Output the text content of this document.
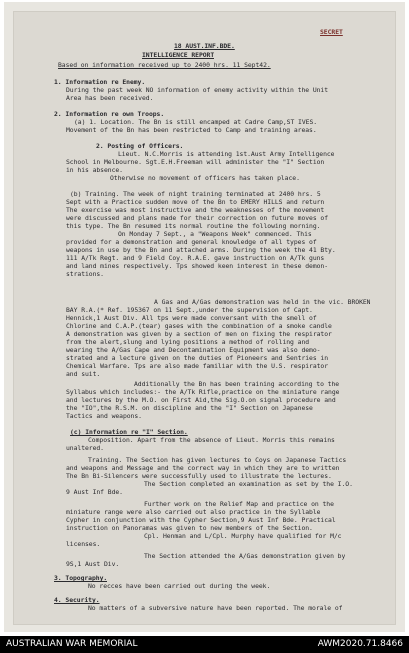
SECRET
18 AUST.INF.BDE.
INTELLIGENCE REPORT
Based on information received up to 2400 hrs. 11 Sept42.
1. Information re Enemy.
During the past week NO information of enemy activity within the Unit
Area has been received.
2. Information re own Troops.
(a) 1. Location. The Bn is still encamped at Cadre Camp,ST IVES.
Movement of the Bn has been restricted to Camp and training areas.
2. Posting of Officers.
Lieut. N.C.Morris is attending 1st.Aust Army Intelligence
School in Melbourne. Sgt.E.H.Freeman will administer the "I" Section
in his absence.
Otherwise no movement of officers has taken place.
(b) Training. The week of night training terminated at 2400 hrs. 5
Sept with a Practice sudden move of the Bn to EMERY HILLS and return
The exercise was most instructive and the weaknesses of the movement
were discussed and plans made for their correction on future moves of
this type. The Bn resumed its normal routine the following morning.
On Monday 7 Sept., a "Weapons Week" commenced. This
provided for a demonstration and general knowledge of all types of
weapons in use by the Bn and attached arms. During the week the 41 Bty.
111 A/Tk Regt. and 9 Field Coy. R.A.E. gave instruction on A/Tk guns
and land mines respectively. Tps showed keen interest in these demon-
strations.
A Gas and A/Gas demonstration was held in the vic. BROKEN
BAY R.A.(* Ref. 195367 on 11 Sept.,under the supervision of Capt.
Hennick,1 Aust Div. All tps were made conversant with the smell of
Chlorine and C.A.P.(tear) gases with the combination of a smoke candle
A demonstration was given by a section of men on fixing the respirator
from the alert,slung and lying positions a method of rolling and
wearing the A/Gas Cape and Decontamination Equipment was also demo-
strated and a lecture given on the duties of Pioneers and Sentries in
Chemical Warfare. Tps are also made familiar with the U.S. respirator
and suit.
Additionally the Bn has been training according to the
Syllabus which includes:- the A/Tk Rifle,practice on the miniature range
and lectures by the M.O. on First Aid,the Sig.O.on signal procedure and
the "IO",the R.S.M. on discipline and the "I" Section on Japanese
Tactics and weapons.
(c) Information re "I" Section.
Composition. Apart from the absence of Lieut. Morris this remains
unaltered.
Training. The Section has given lectures to Coys on Japanese Tactics
and weapons and Message and the correct way in which they are to written
The Bn Bi-Silencers were successfully used to illustrate the lectures.
The Section completed an examination as set by the I.O.
9 Aust Inf Bde.
Further work on the Relief Map and practice on the
miniature range were also carried out also practice in the Syllable
Cypher in conjunction with the Cypher Section,9 Aust Inf Bde. Practical
instruction on Panoramas was given to new members of the Section.
Cpl. Henman and L/Cpl. Murphy have qualified for M/c
licenses.
The Section attended the A/Gas demonstration given by
9S,1 Aust Div.
3. Topography.
No recces have been carried out during the week.
4. Security.
No matters of a subversive nature have been reported. The morale of
AUSTRALIAN WAR MEMORIAL	AWM2020.71.8466
